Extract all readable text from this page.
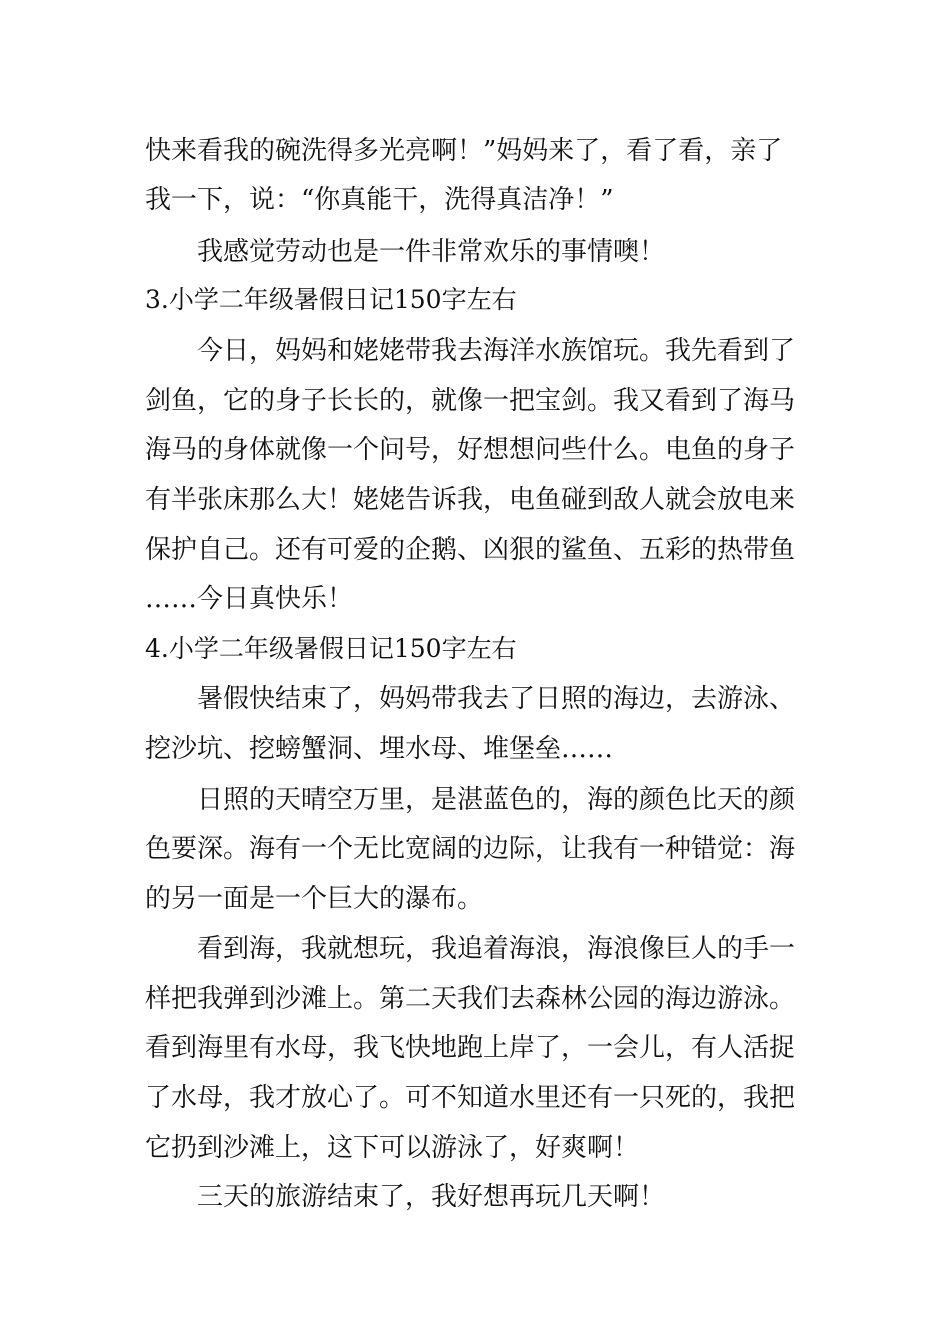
快来看我的碗洗得多光亮啊！”妈妈来了，看了看，亲了
我一下，说：“你真能干，洗得真洁净！”
我感觉劳动也是一件非常欢乐的事情噢！
3.小学二年级暑假日记150字左右
今日，妈妈和姥姥带我去海洋水族馆玩。我先看到了
剑鱼，它的身子长长的，就像一把宝剑。我又看到了海马
海马的身体就像一个问号，好想想问些什么。电鱼的身子
有半张床那么大！姥姥告诉我，电鱼碰到敌人就会放电来
保护自己。还有可爱的企鹅、凶狠的鲨鱼、五彩的热带鱼
……今日真快乐！
4.小学二年级暑假日记150字左右
暑假快结束了，妈妈带我去了日照的海边，去游泳、
挖沙坑、挖螃蟹洞、埋水母、堆堡垒……
日照的天晴空万里，是湛蓝色的，海的颜色比天的颜
色要深。海有一个无比宽阔的边际，让我有一种错觉：海
的另一面是一个巨大的瀑布。
看到海，我就想玩，我追着海浪，海浪像巨人的手一
样把我弹到沙滩上。第二天我们去森林公园的海边游泳。
看到海里有水母，我飞快地跑上岸了，一会儿，有人活捉
了水母，我才放心了。可不知道水里还有一只死的，我把
它扔到沙滩上，这下可以游泳了，好爽啊！
三天的旅游结束了，我好想再玩几天啊！
